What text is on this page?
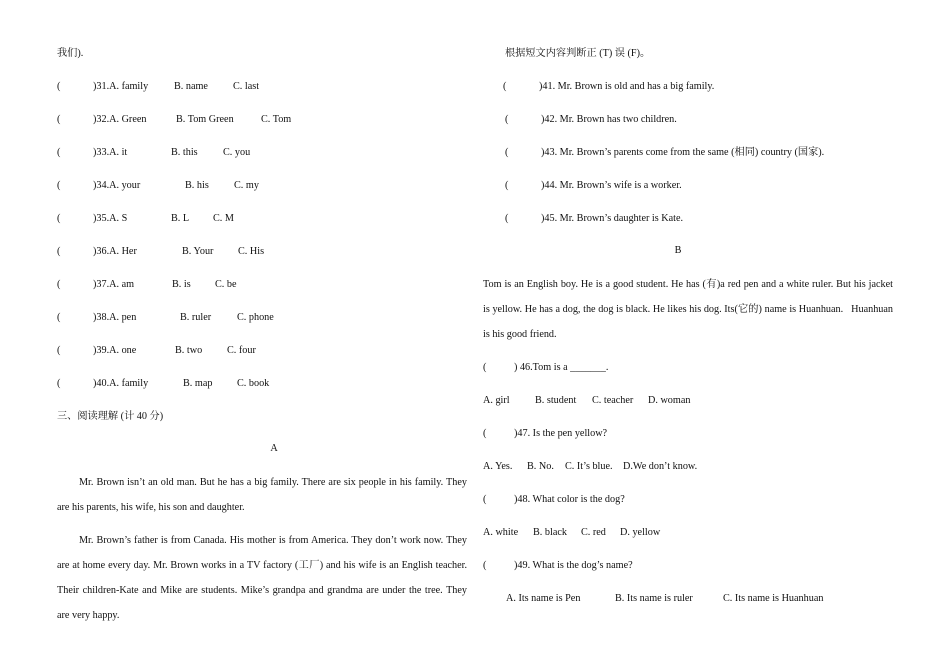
我们).
(	)31.A. family	B. name C. last
(	)32.A. Green	B. Tom Green	C. Tom
(	)33.A. it	B. this C. you
(	)34.A. your	B. his C. my
(	)35.A. S	B. L C. M
(	)36.A. Her	B. Your C. His
(	)37.A. am	B. is C. be
(	)38.A. pen	B. ruler	C. phone
(	)39.A. one	B. two C. four
(	)40.A. family	B. map C. book
三、阅读理解 (计 40 分)
A
Mr. Brown isn’t an old man. But he has a big family. There are six people in his family. They are his parents, his wife, his son and daughter.
Mr. Brown’s father is from Canada. His mother is from America. They don’t work now. They are at home every day. Mr. Brown works in a TV factory (工厂) and his wife is an English teacher. Their children-Kate and Mike are students. Mike’s grandpa and grandma are under the tree. They are very happy.
根据短文内容判断正 (T) 误 (F)。
(	)41. Mr. Brown is old and has a big family.
(	)42. Mr. Brown has two children.
(	)43. Mr. Brown’s parents come from the same (相同) country (国家).
(	)44. Mr. Brown’s wife is a worker.
(	)45. Mr. Brown’s daughter is Kate.
B
Tom is an English boy. He is a good student. He has (有)a red pen and a white ruler. But his jacket is yellow. He has a dog, the dog is black. He likes his dog. Its(它的) name is Huanhuan.   Huanhuan is his good friend.
(	) 46.Tom is a _______.
A. girl B. student C. teacher D. woman
(	)47. Is the pen yellow?
A. Yes. B. No. C. It’s blue. D.We don’t know.
(	)48. What color is the dog?
A. white B. black C. red D. yellow
(	)49. What is the dog’s name?
A. Its name is Pen	B. Its name is ruler	C. Its name is Huanhuan
